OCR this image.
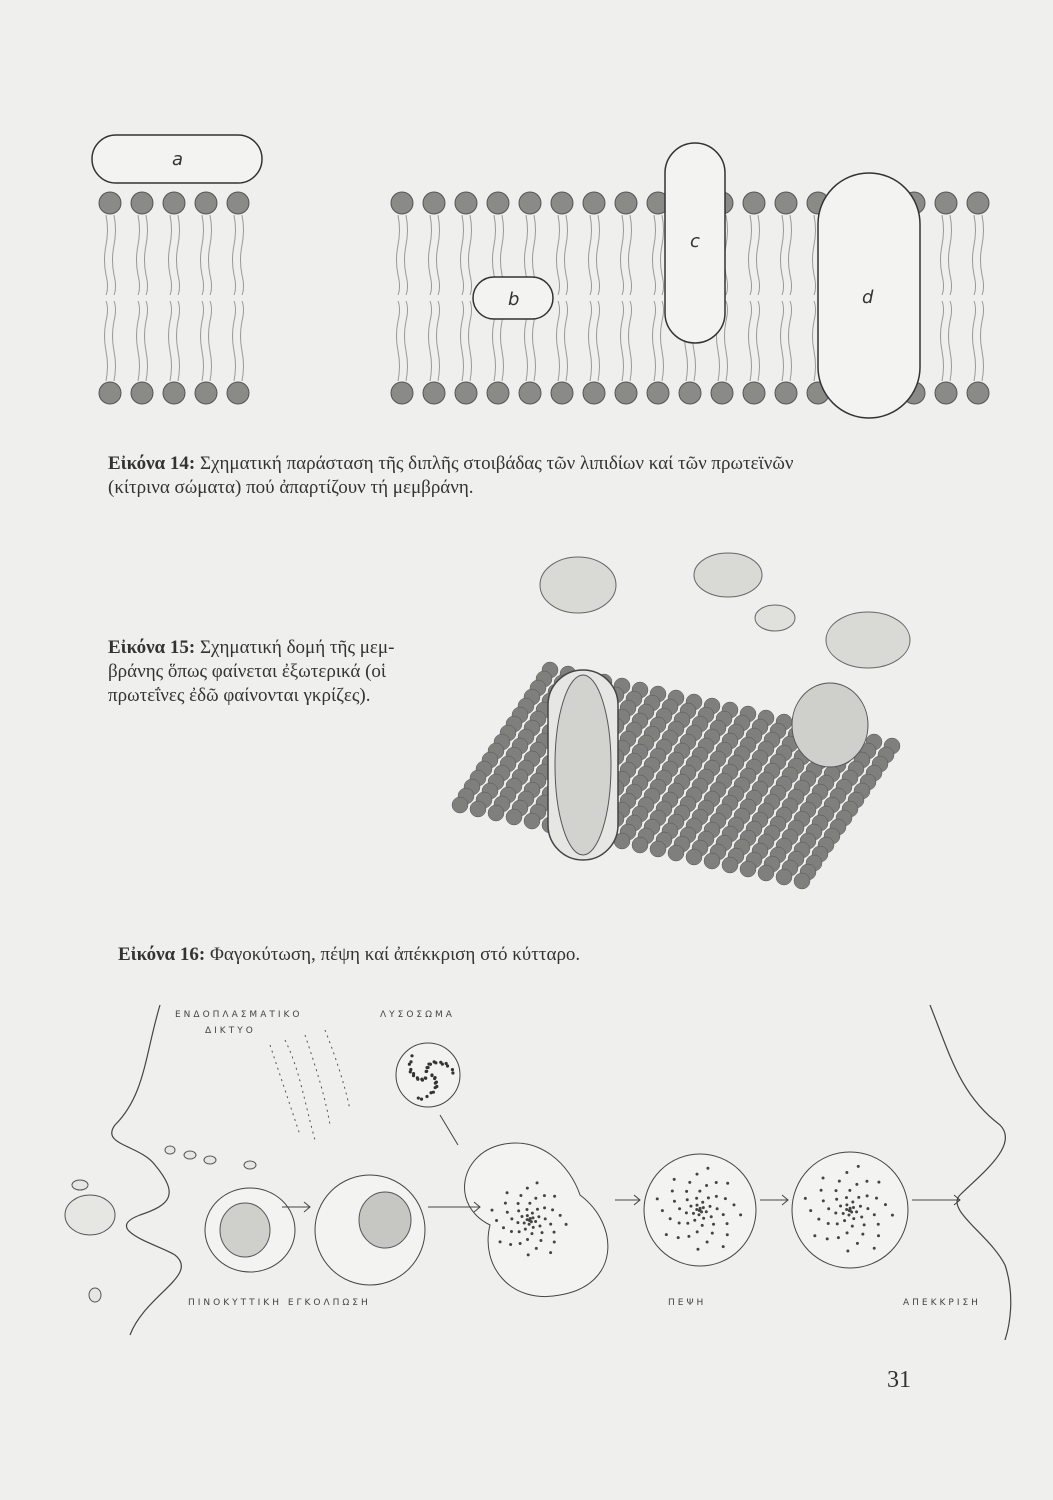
a
b
c
d
Εἰκόνα 14: Σχηματική παράσταση τῆς διπλῆς στοιβάδας τῶν λιπιδίων καί τῶν πρωτεϊνῶν
(κίτρινα σώματα) πού ἀπαρτίζουν τή μεμβράνη.
Εἰκόνα 15: Σχηματική δομή τῆς μεμ-
βράνης ὅπως φαίνεται ἐξωτερικά (οἱ
πρωτεΐνες ἐδῶ φαίνονται γκρίζες).
Εἰκόνα 16: Φαγοκύτωση, πέψη καί ἀπέκκριση στό κύτταρο.
ΕΝΔΟΠΛΑΣΜΑΤΙΚΟ
ΔΙΚΤΥΟ
ΛΥΣΟΣΩΜΑ
ΠΙΝΟΚΥΤΤΙΚΗ ΕΓΚΟΛΠΩΣΗ	ΠΕΨΗ	ΑΠΕΚΚΡΙΣΗ
31
